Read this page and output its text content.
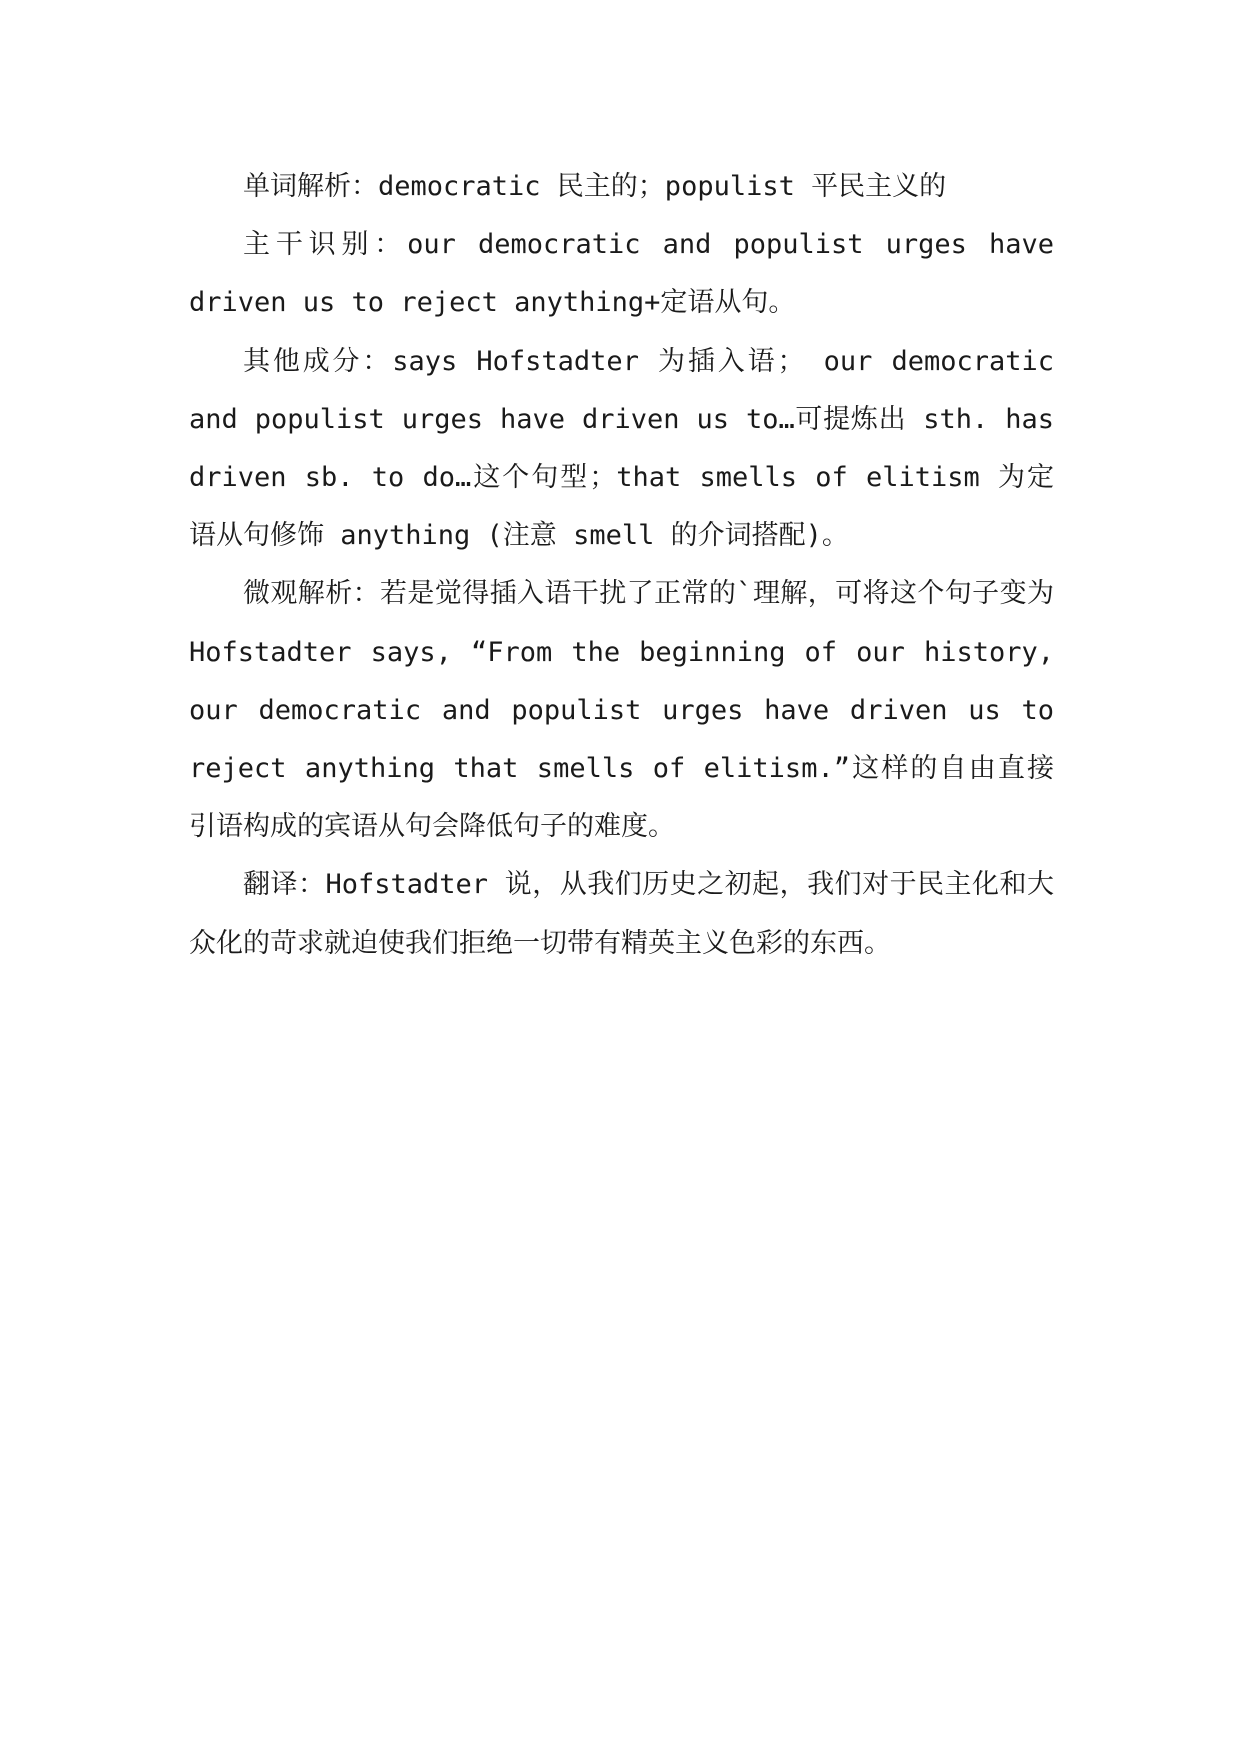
单词解析：democratic 民主的；populist 平民主义的

主干识别：our democratic and populist urges have driven us to reject anything+定语从句。

其他成分：says Hofstadter 为插入语； our democratic and populist urges have driven us to…可提炼出 sth. has driven sb. to do…这个句型；that smells of elitism 为定语从句修饰 anything (注意 smell 的介词搭配)。

微观解析：若是觉得插入语干扰了正常的`理解，可将这个句子变为 Hofstadter says, “From the beginning of our history, our democratic and populist urges have driven us to reject anything that smells of elitism.”这样的自由直接引语构成的宾语从句会降低句子的难度。

翻译：Hofstadter 说，从我们历史之初起，我们对于民主化和大众化的苛求就迫使我们拒绝一切带有精英主义色彩的东西。
